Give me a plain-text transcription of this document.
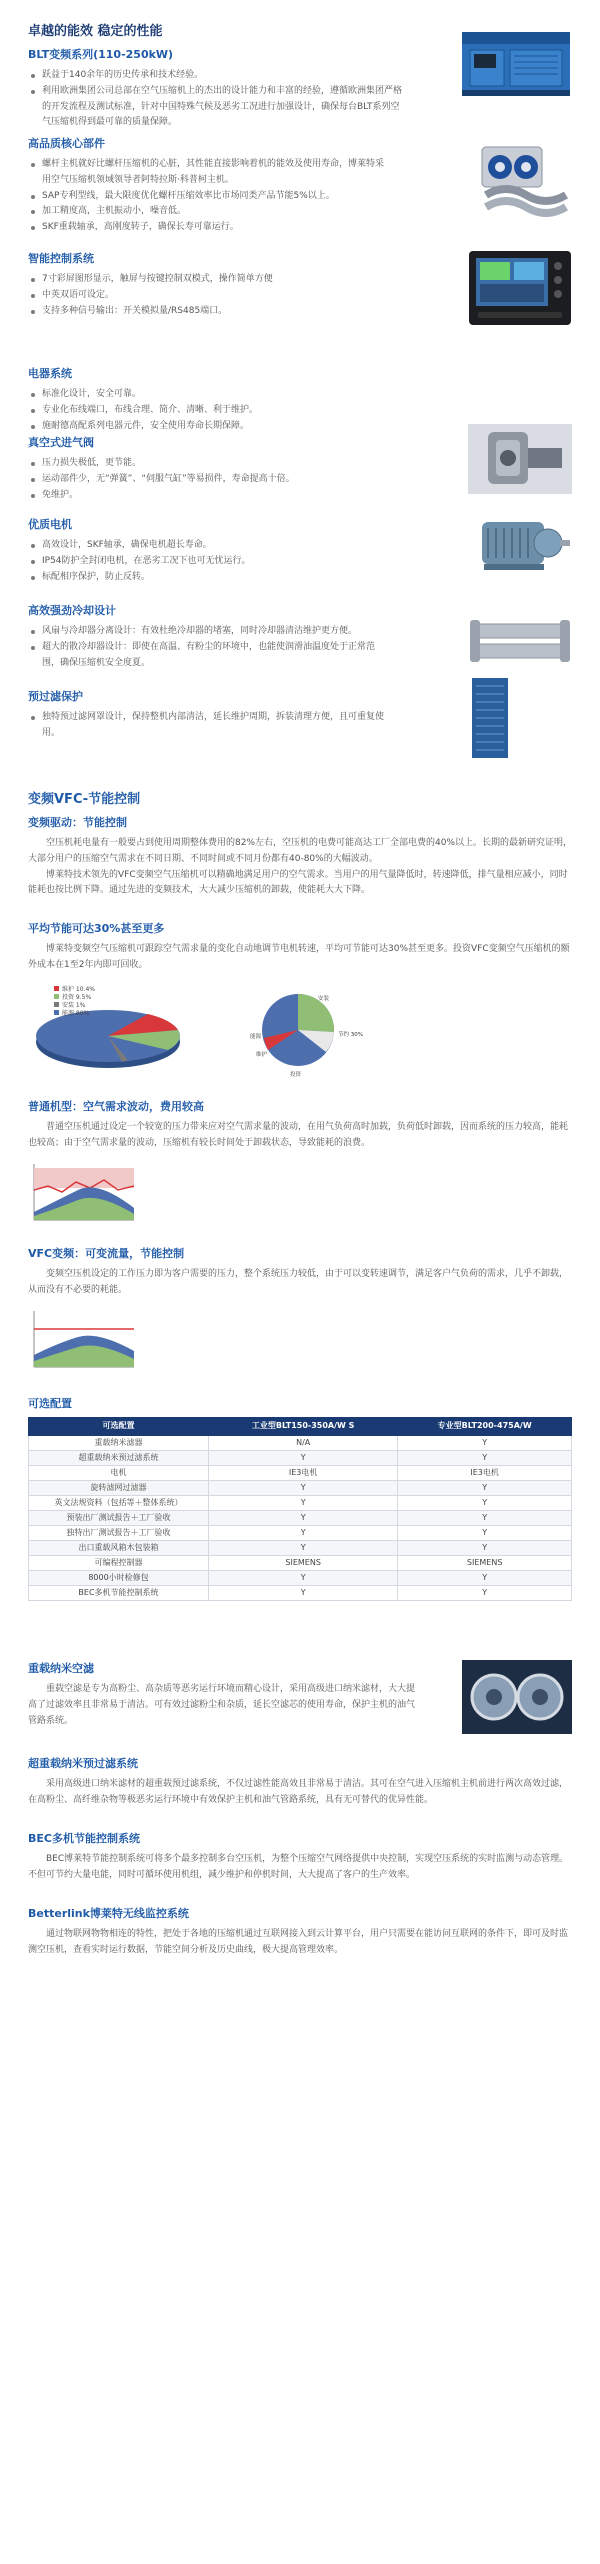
卓越的能效 稳定的性能
BLT变频系列(110-250kW)
跃益于140余年的历史传承和技术经验。
利用欧洲集团公司总部在空气压缩机上的杰出的设计能力和丰富的经验，遵循欧洲集团严格的开发流程及测试标准，针对中国特殊气候及恶劣工况进行加强设计，确保每台BLT系列空气压缩机得到最可靠的质量保障。
高品质核心部件
螺杆主机就好比螺杆压缩机的心脏，其性能直接影响着机的能效及使用寿命，博莱特采用空气压缩机领域领导者阿特拉斯·科普柯主机。
SAP专利型线，最大限度优化螺杆压缩效率比市场同类产品节能5%以上。
加工精度高，主机振动小，噪音低。
SKF重载轴承，高刚度转子，确保长寿可靠运行。
智能控制系统
7寸彩屏图形显示，触屏与按键控制双模式，操作简单方便
中英双语可设定。
支持多种信号输出：开关模拟量/RS485端口。
电器系统
标准化设计，安全可靠。
专业化布线端口，布线合理、简介、清晰、利于维护。
施耐德高配系列电器元件，安全使用寿命长期保障。
真空式进气阀
压力损失极低，更节能。
运动部件少，无“弹簧”、“伺服气缸”等易损件，寿命提高十倍。
免维护。
优质电机
高效设计，SKF轴承，确保电机超长寿命。
IP54防护全封闭电机，在恶劣工况下也可无忧运行。
标配相序保护，防止反转。
高效强劲冷却设计
风扇与冷却器分离设计：有效杜绝冷却器的堵塞，同时冷却器清洁维护更方便。
超大的散冷却器设计：即使在高温、有粉尘的环境中，也能使润滑油温度处于正常范围，确保压缩机安全度夏。
预过滤保护
独特预过滤网罩设计，保持整机内部清洁，延长维护周期，拆装清理方便，且可重复使用。
变频VFC-节能控制
变频驱动：节能控制

空压机耗电量有一般要占到使用周期整体费用的82%左右，空压机的电费可能高达工厂全部电费的40%以上。长期的最新研究证明，大部分用户的压缩空气需求在不同日期、不同时间或不同月份都有40-80%的大幅波动。

博莱特技术领先的VFC变频空气压缩机可以精确地满足用户的空气需求。当用户的用气量降低时，转速降低，排气量相应减小，同时能耗也按比例下降。通过先进的变频技术，大大减少压缩机的卸载，使能耗大大下降。

平均节能可达30%甚至更多

博莱特变频空气压缩机可跟踪空气需求量的变化自动地调节电机转速，平均可节能可达30%甚至更多。投资VFC变频空气压缩机的额外成本在1至2年内即可回收。

维护 10.4%
投资 9.5%
安装 1%
能源 80%
能源	节约 30%
维护
投资
安装
普通机型：空气需求波动，费用较高

普通空压机通过设定一个较宽的压力带来应对空气需求量的波动，在用气负荷高时加载，负荷低时卸载，因而系统的压力较高，能耗也较高；由于空气需求量的波动，压缩机有较长时间处于卸载状态，导致能耗的浪费。

VFC变频：可变流量，节能控制

变频空压机设定的工作压力即为客户需要的压力，整个系统压力较低，由于可以变转速调节，满足客户气负荷的需求，几乎不卸载，从而没有不必要的耗能。

可选配置
可选配置	工业型BLT150-350A/W S	专业型BLT200-475A/W
重载纳米滤器	N/A	Y
超重载纳米预过滤系统	Y	Y
电机	IE3电机	IE3电机
旋转滤网过滤器	Y	Y
英文法规资料（包括等＋整体系统）	Y	Y
预装出厂测试报告＋工厂验收	Y	Y
独特出厂测试报告＋工厂验收	Y	Y
出口重载风箱木包装箱	Y	Y
可编程控制器	SIEMENS	SIEMENS
8000小时检修包	Y	Y
BEC多机节能控制系统	Y	Y
重载纳米空滤

重载空滤是专为高粉尘、高杂质等恶劣运行环境而精心设计，采用高级进口纳米滤材，大大提高了过滤效率且非常易于清洁。可有效过滤粉尘和杂质，延长空滤芯的使用寿命，保护主机的油气管路系统。

超重载纳米预过滤系统

采用高级进口纳米滤材的超重载预过滤系统，不仅过滤性能高效且非常易于清洁。其可在空气进入压缩机主机前进行两次高效过滤，在高粉尘、高纤维杂物等极恶劣运行环境中有效保护主机和油气管路系统，具有无可替代的优异性能。

BEC多机节能控制系统

BEC博莱特节能控制系统可将多个最多控制多台空压机，为整个压缩空气网络提供中央控制，实现空压系统的实时监测与动态管理。不但可节约大量电能，同时可循环使用机组，减少维护和停机时间，大大提高了客户的生产效率。

Betterlink博莱特无线监控系统

通过物联网物物相连的特性，把处于各地的压缩机通过互联网接入到云计算平台，用户只需要在能访问互联网的条件下，即可及时监测空压机，查看实时运行数据，节能空间分析及历史曲线，极大提高管理效率。
